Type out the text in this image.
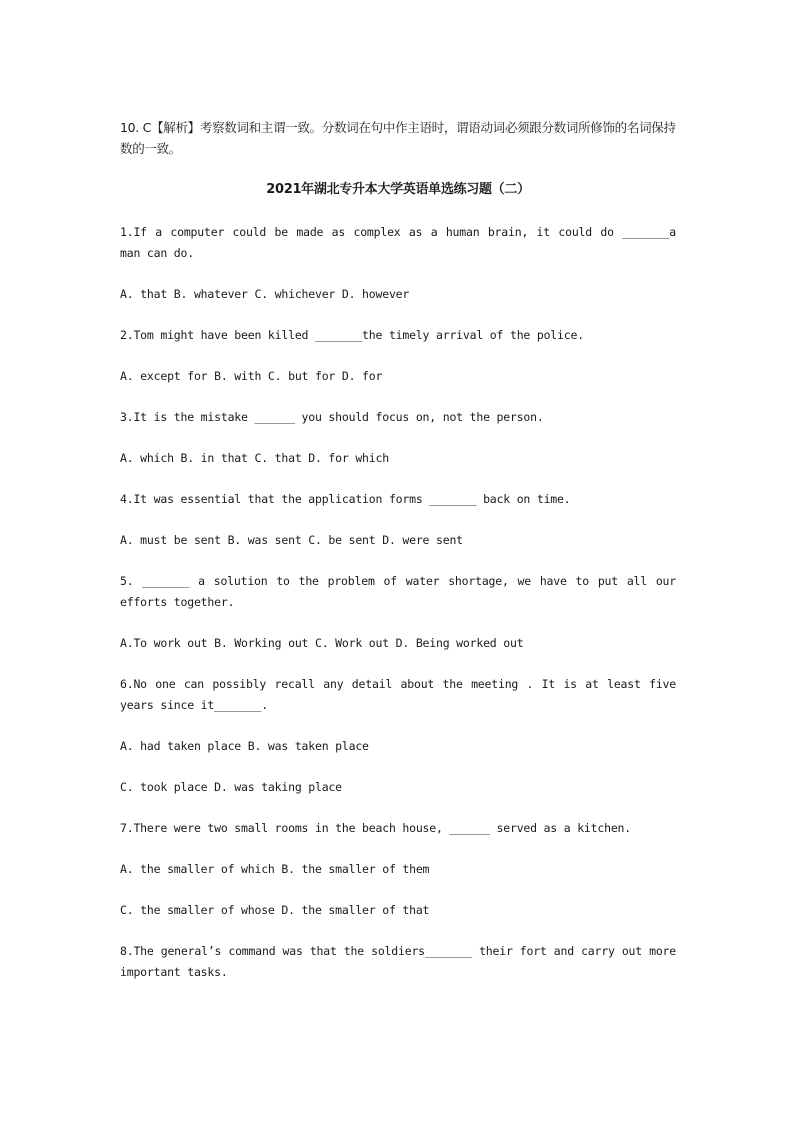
10. C【解析】考察数词和主谓一致。分数词在句中作主语时，谓语动词必须跟分数词所修饰的名词保持数的一致。

2021年湖北专升本大学英语单选练习题（二）

1.If a computer could be made as complex as a human brain, it could do _______a man can do.

A. that B. whatever C. whichever D. however

2.Tom might have been killed _______the timely arrival of the police.

A. except for B. with C. but for D. for

3.It is the mistake ______ you should focus on, not the person.

A. which B. in that C. that D. for which

4.It was essential that the application forms _______ back on time.

A. must be sent B. was sent C. be sent D. were sent

5. _______ a solution to the problem of water shortage, we have to put all our efforts together.

A.To work out B. Working out C. Work out D. Being worked out

6.No one can possibly recall any detail about the meeting . It is at least five years since it_______.

A. had taken place B. was taken place

C. took place D. was taking place

7.There were two small rooms in the beach house, ______ served as a kitchen.

A. the smaller of which B. the smaller of them

C. the smaller of whose D. the smaller of that

8.The general’s command was that the soldiers_______ their fort and carry out more important tasks.
